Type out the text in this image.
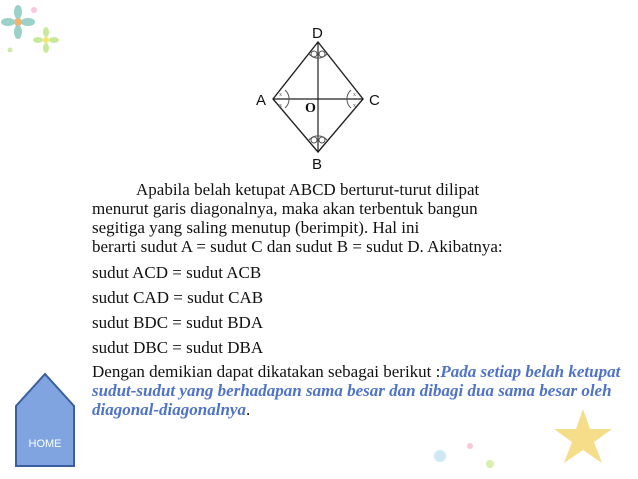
x
x
x
x
D
B
A	C
O

Apabila belah ketupat ABCD berturut-turut dilipat
menurut garis diagonalnya, maka akan terbentuk bangun
segitiga yang saling menutup (berimpit). Hal ini
berarti sudut A = sudut C dan sudut B = sudut D. Akibatnya:

sudut ACD = sudut ACB

sudut CAD = sudut CAB

sudut BDC = sudut BDA

sudut DBC = sudut DBA

Dengan demikian dapat dikatakan sebagai berikut :Pada setiap belah ketupat sudut-sudut yang berhadapan sama besar dan dibagi dua sama besar oleh diagonal-diagonalnya.

HOME
